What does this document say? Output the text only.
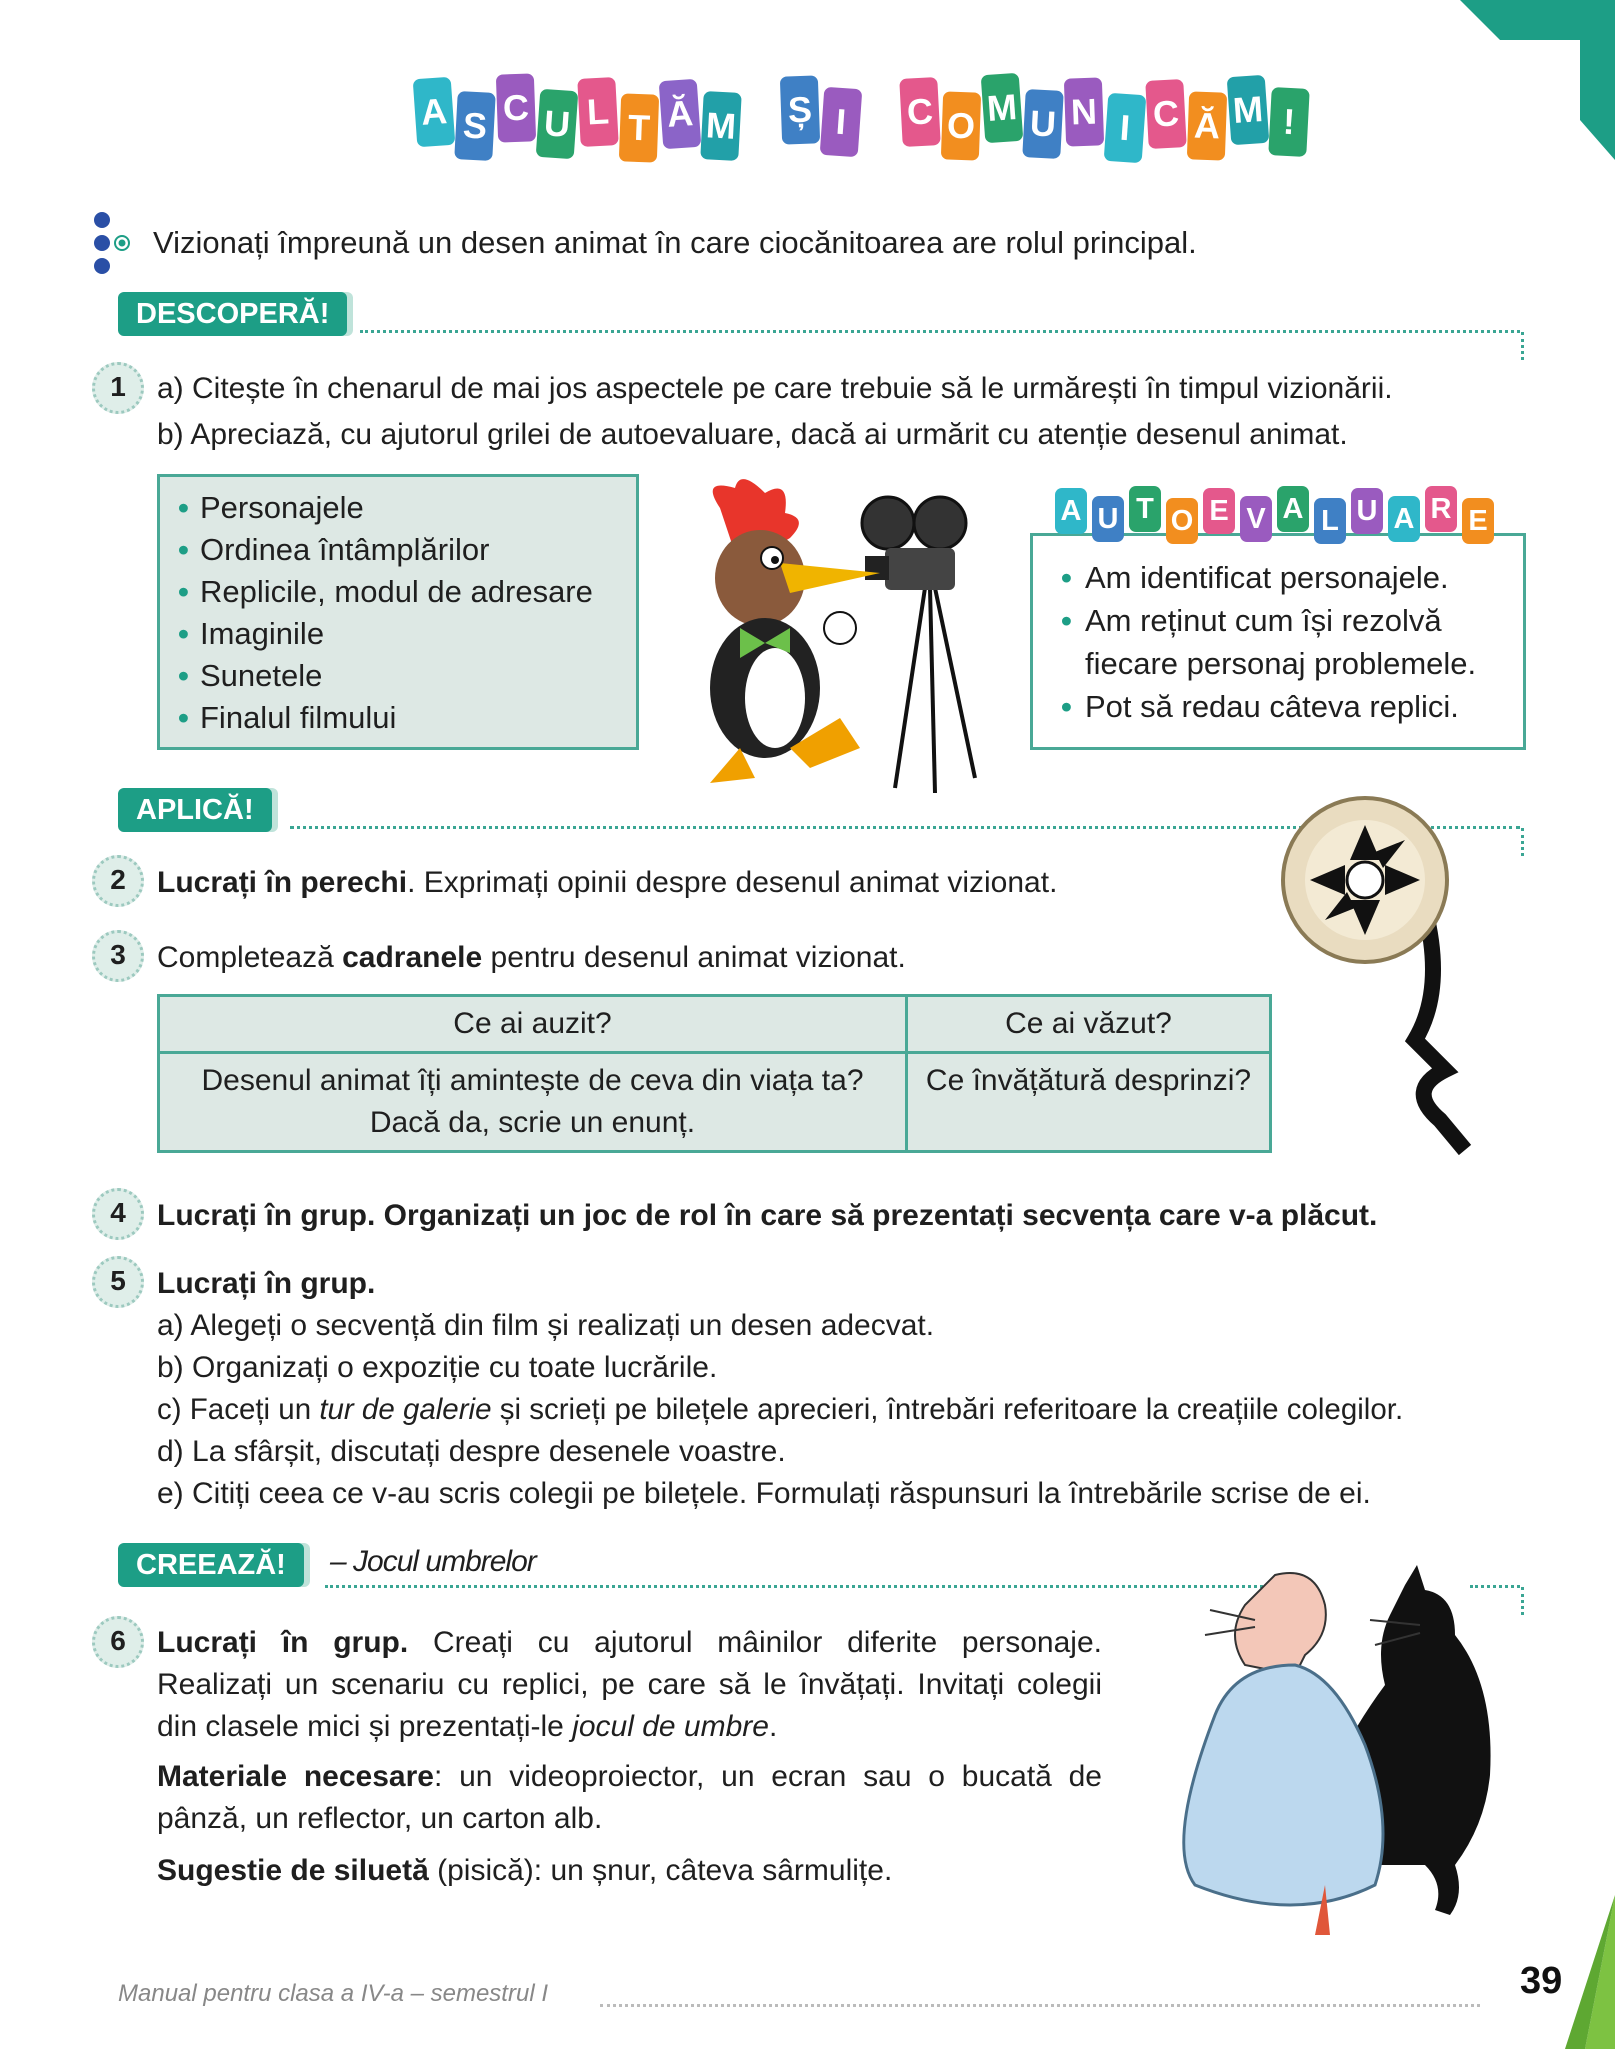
A S C U L T Ă M Ș I	C O M U N I C Ă M !
Vizionați împreună un desen animat în care ciocănitoarea are rolul principal.
DESCOPERĂ!
1	a) Citește în chenarul de mai jos aspectele pe care trebuie să le urmărești în timpul vizionării.
b) Apreciază, cu ajutorul grilei de autoevaluare, dacă ai urmărit cu atenție desenul animat.
• Personajele
• Ordinea întâmplărilor
• Replicile, modul de adresare
• Imaginile
• Sunetele
• Finalul filmului
• Am identificat personajele.
• Am reținut cum își rezolvă fiecare personaj problemele.
• Pot să redau câteva replici.
A U T O E V A L U A R E
APLICĂ!
2	Lucrați în perechi. Exprimați opinii despre desenul animat vizionat.
3	Completează cadranele pentru desenul animat vizionat.
Ce ai auzit?	Ce ai văzut?
Desenul animat îți amintește de ceva din viața ta?
Dacă da, scrie un enunț.	Ce învățătură desprinzi?
4	Lucrați în grup. Organizați un joc de rol în care să prezentați secvența care v-a plăcut.
5	Lucrați în grup.
a) Alegeți o secvență din film și realizați un desen adecvat.
b) Organizați o expoziție cu toate lucrările.
c) Faceți un tur de galerie și scrieți pe bilețele aprecieri, întrebări referitoare la creațiile colegilor.
d) La sfârșit, discutați despre desenele voastre.
e) Citiți ceea ce v-au scris colegii pe bilețele. Formulați răspunsuri la întrebările scrise de ei.
CREEAZĂ!	– Jocul umbrelor
6	Lucrați în grup. Creați cu ajutorul mâinilor diferite personaje.
Realizați un scenariu cu replici, pe care să le învățați. Invitați colegii
din clasele mici și prezentați-le jocul de umbre.
Materiale necesare: un videoproiector, un ecran sau o bucată de
pânză, un reflector, un carton alb.
Sugestie de siluetă (pisică): un șnur, câteva sârmulițe.
Manual pentru clasa a IV-a – semestrul I	39
